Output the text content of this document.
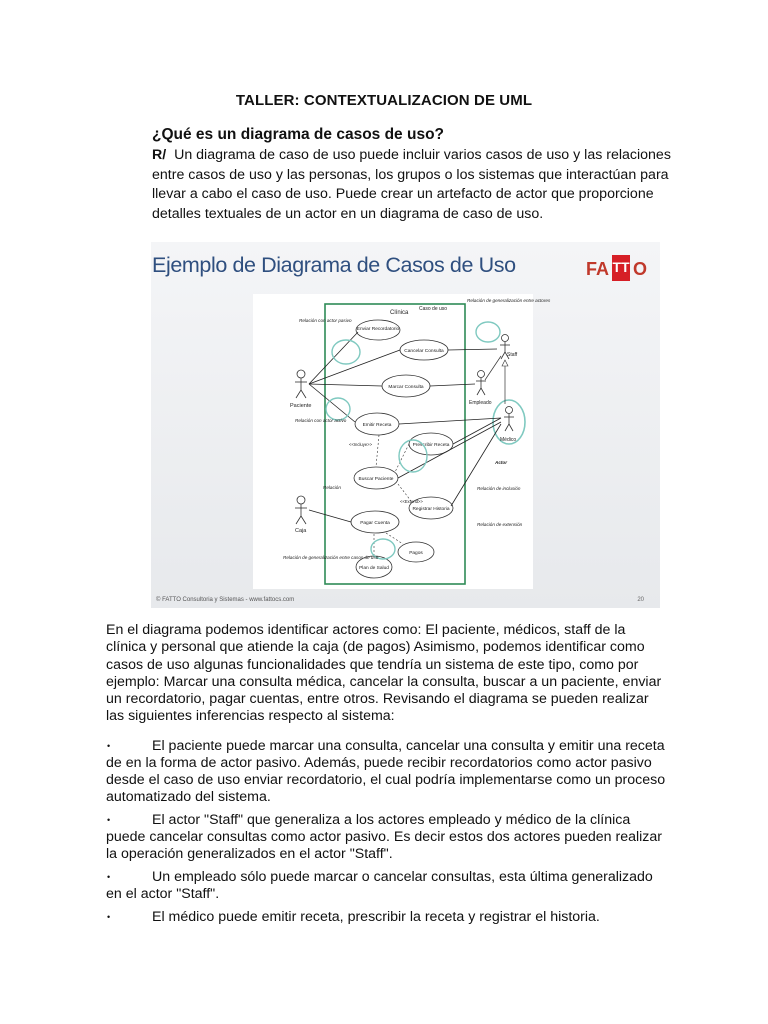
TALLER: CONTEXTUALIZACION DE UML
¿Qué es un diagrama de casos de uso?
R/ Un diagrama de caso de uso puede incluir varios casos de uso y las relaciones entre casos de uso y las personas, los grupos o los sistemas que interactúan para llevar a cabo el caso de uso. Puede crear un artefacto de actor que proporcione detalles textuales de un actor en un diagrama de caso de uso.
Ejemplo de Diagrama de Casos de Uso	FA TT O
Clínica
Caso de uso
Paciente
Caja
Staff
Empleado
Médico
Enviar Recordatorio
Cancelar Consulta
Marcar Consulta
Emitir Receta
Prescribir Receta
Buscar Paciente
Registrar Historia
Pagar Cuenta
Pagos
Plan de Salud
<<Incluye>>
<<Extend>>
Relación con actor pasivo
Relación con actor activo
Relación
Relación de generalización entre casos de uso
Relación de generalización entre actores
Actor
Relación de inclusión
Relación de extensión
© FATTO Consultoria y Sistemas - www.fattocs.com	20
En el diagrama podemos identificar actores como: El paciente, médicos, staff de la clínica y personal que atiende la caja (de pagos) Asimismo, podemos identificar como casos de uso algunas funcionalidades que tendría un sistema de este tipo, como por ejemplo: Marcar una consulta médica, cancelar la consulta, buscar a un paciente, enviar un recordatorio, pagar cuentas, entre otros. Revisando el diagrama se pueden realizar las siguientes inferencias respecto al sistema:
•	El paciente puede marcar una consulta, cancelar una consulta y emitir una receta de en la forma de actor pasivo. Además, puede recibir recordatorios como actor pasivo desde el caso de uso enviar recordatorio, el cual podría implementarse como un proceso automatizado del sistema.
•	El actor "Staff" que generaliza a los actores empleado y médico de la clínica puede cancelar consultas como actor pasivo. Es decir estos dos actores pueden realizar la operación generalizados en el actor "Staff".
•	Un empleado sólo puede marcar o cancelar consultas, esta última generalizado en el actor "Staff".
•	El médico puede emitir receta, prescribir la receta y registrar el historia.
